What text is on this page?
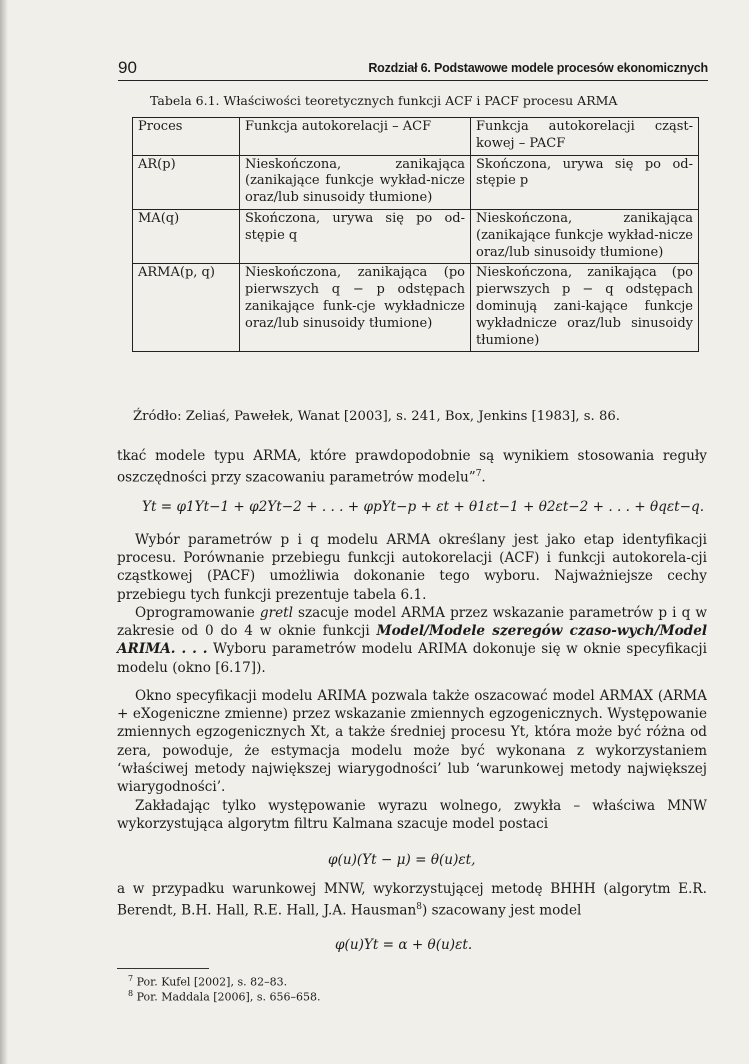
90	Rozdział 6. Podstawowe modele procesów ekonomicznych
Tabela 6.1. Właściwości teoretycznych funkcji ACF i PACF procesu ARMA
Proces	Funkcja autokorelacji – ACF	Funkcja autokorelacji cząst-kowej – PACF
AR(p)	Nieskończona, zanikająca (zanikające funkcje wykład-nicze oraz/lub sinusoidy tłumione)	Skończona, urywa się po od-stępie p
MA(q)	Skończona, urywa się po od-stępie q	Nieskończona, zanikająca (zanikające funkcje wykład-nicze oraz/lub sinusoidy tłumione)
ARMA(p, q)	Nieskończona, zanikająca (po pierwszych q − p odstępach zanikające funk-cje wykładnicze oraz/lub sinusoidy tłumione)	Nieskończona, zanikająca (po pierwszych p − q odstępach dominują zani-kające funkcje wykładnicze oraz/lub sinusoidy tłumione)
Źródło: Zeliaś, Pawełek, Wanat [2003], s. 241, Box, Jenkins [1983], s. 86.

tkać modele typu ARMA, które prawdopodobnie są wynikiem stosowania reguły oszczędności przy szacowaniu parametrów modelu”$^7$.

Yt = φ1Yt−1 + φ2Yt−2 + . . . + φpYt−p + εt + θ1εt−1 + θ2εt−2 + . . . + θqεt−q.

Wybór parametrów p i q modelu ARMA określany jest jako etap identyfikacji procesu. Porównanie przebiegu funkcji autokorelacji (ACF) i funkcji autokorela-cji cząstkowej (PACF) umożliwia dokonanie tego wyboru. Najważniejsze cechy przebiegu tych funkcji prezentuje tabela 6.1.

Oprogramowanie gretl szacuje model ARMA przez wskazanie parametrów p i q w zakresie od 0 do 4 w oknie funkcji Model/Modele szeregów czaso-wych/Model ARIMA. . . . Wyboru parametrów modelu ARIMA dokonuje się w oknie specyfikacji modelu (okno [6.17]).

Okno specyfikacji modelu ARIMA pozwala także oszacować model ARMAX (ARMA + eXogeniczne zmienne) przez wskazanie zmiennych egzogenicznych. Występowanie zmiennych egzogenicznych Xt, a także średniej procesu Yt, która może być różna od zera, powoduje, że estymacja modelu może być wykonana z wykorzystaniem ‘właściwej metody największej wiarygodności’ lub ‘warunkowej metody największej wiarygodności’.

Zakładając tylko występowanie wyrazu wolnego, zwykła – właściwa MNW wykorzystująca algorytm filtru Kalmana szacuje model postaci

φ(u)(Yt − μ) = θ(u)εt,

a w przypadku warunkowej MNW, wykorzystującej metodę BHHH (algorytm E.R. Berendt, B.H. Hall, R.E. Hall, J.A. Hausman$^8$) szacowany jest model

φ(u)Yt = α + θ(u)εt.
$^7$ Por. Kufel [2002], s. 82–83.
$^8$ Por. Maddala [2006], s. 656–658.
